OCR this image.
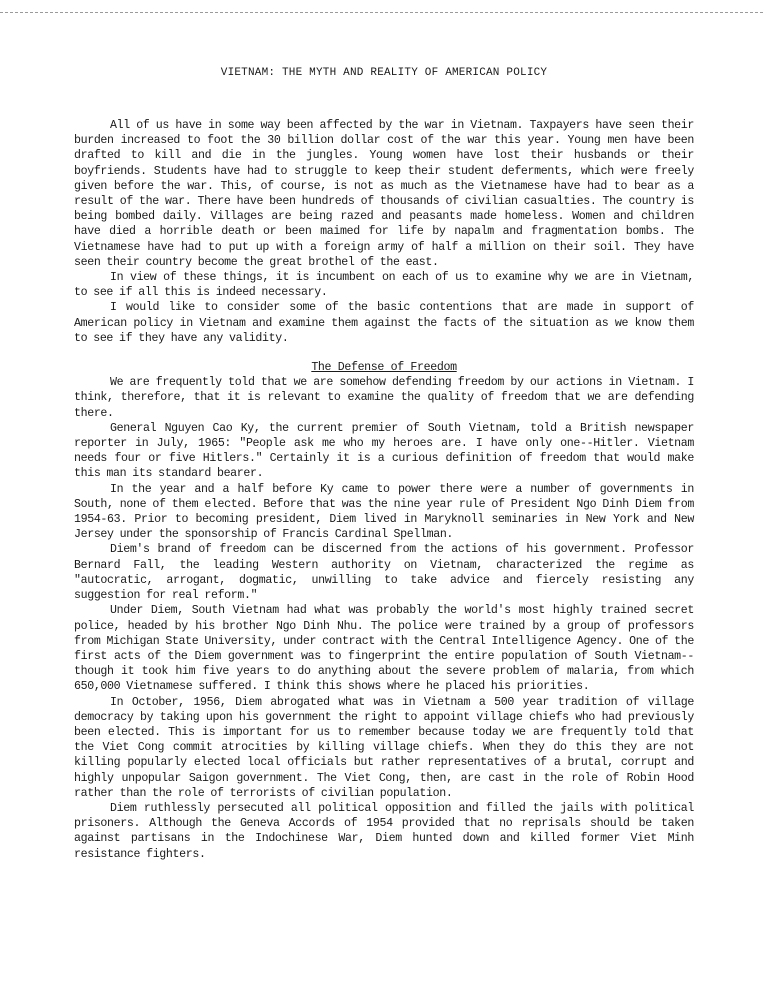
VIETNAM: THE MYTH AND REALITY OF AMERICAN POLICY

All of us have in some way been affected by the war in Vietnam. Taxpayers have seen their burden increased to foot the 30 billion dollar cost of the war this year. Young men have been drafted to kill and die in the jungles. Young women have lost their husbands or their boyfriends. Students have had to struggle to keep their student deferments, which were freely given before the war. This, of course, is not as much as the Vietnamese have had to bear as a result of the war. There have been hundreds of thousands of civilian casualties. The country is being bombed daily. Villages are being razed and peasants made homeless. Women and children have died a horrible death or been maimed for life by napalm and fragmentation bombs. The Vietnamese have had to put up with a foreign army of half a million on their soil. They have seen their country become the great brothel of the east.

In view of these things, it is incumbent on each of us to examine why we are in Vietnam, to see if all this is indeed necessary.

I would like to consider some of the basic contentions that are made in support of American policy in Vietnam and examine them against the facts of the situation as we know them to see if they have any validity.

The Defense of Freedom

We are frequently told that we are somehow defending freedom by our actions in Vietnam. I think, therefore, that it is relevant to examine the quality of freedom that we are defending there.

General Nguyen Cao Ky, the current premier of South Vietnam, told a British newspaper reporter in July, 1965: "People ask me who my heroes are. I have only one--Hitler. Vietnam needs four or five Hitlers." Certainly it is a curious definition of freedom that would make this man its standard bearer.

In the year and a half before Ky came to power there were a number of governments in South, none of them elected. Before that was the nine year rule of President Ngo Dinh Diem from 1954-63. Prior to becoming president, Diem lived in Maryknoll seminaries in New York and New Jersey under the sponsorship of Francis Cardinal Spellman.

Diem's brand of freedom can be discerned from the actions of his government. Professor Bernard Fall, the leading Western authority on Vietnam, characterized the regime as "autocratic, arrogant, dogmatic, unwilling to take advice and fiercely resisting any suggestion for real reform."

Under Diem, South Vietnam had what was probably the world's most highly trained secret police, headed by his brother Ngo Dinh Nhu. The police were trained by a group of professors from Michigan State University, under contract with the Central Intelligence Agency. One of the first acts of the Diem government was to fingerprint the entire population of South Vietnam--though it took him five years to do anything about the severe problem of malaria, from which 650,000 Vietnamese suffered. I think this shows where he placed his priorities.

In October, 1956, Diem abrogated what was in Vietnam a 500 year tradition of village democracy by taking upon his government the right to appoint village chiefs who had previously been elected. This is important for us to remember because today we are frequently told that the Viet Cong commit atrocities by killing village chiefs. When they do this they are not killing popularly elected local officials but rather representatives of a brutal, corrupt and highly unpopular Saigon government. The Viet Cong, then, are cast in the role of Robin Hood rather than the role of terrorists of civilian population.

Diem ruthlessly persecuted all political opposition and filled the jails with political prisoners. Although the Geneva Accords of 1954 provided that no reprisals should be taken against partisans in the Indochinese War, Diem hunted down and killed former Viet Minh resistance fighters.
